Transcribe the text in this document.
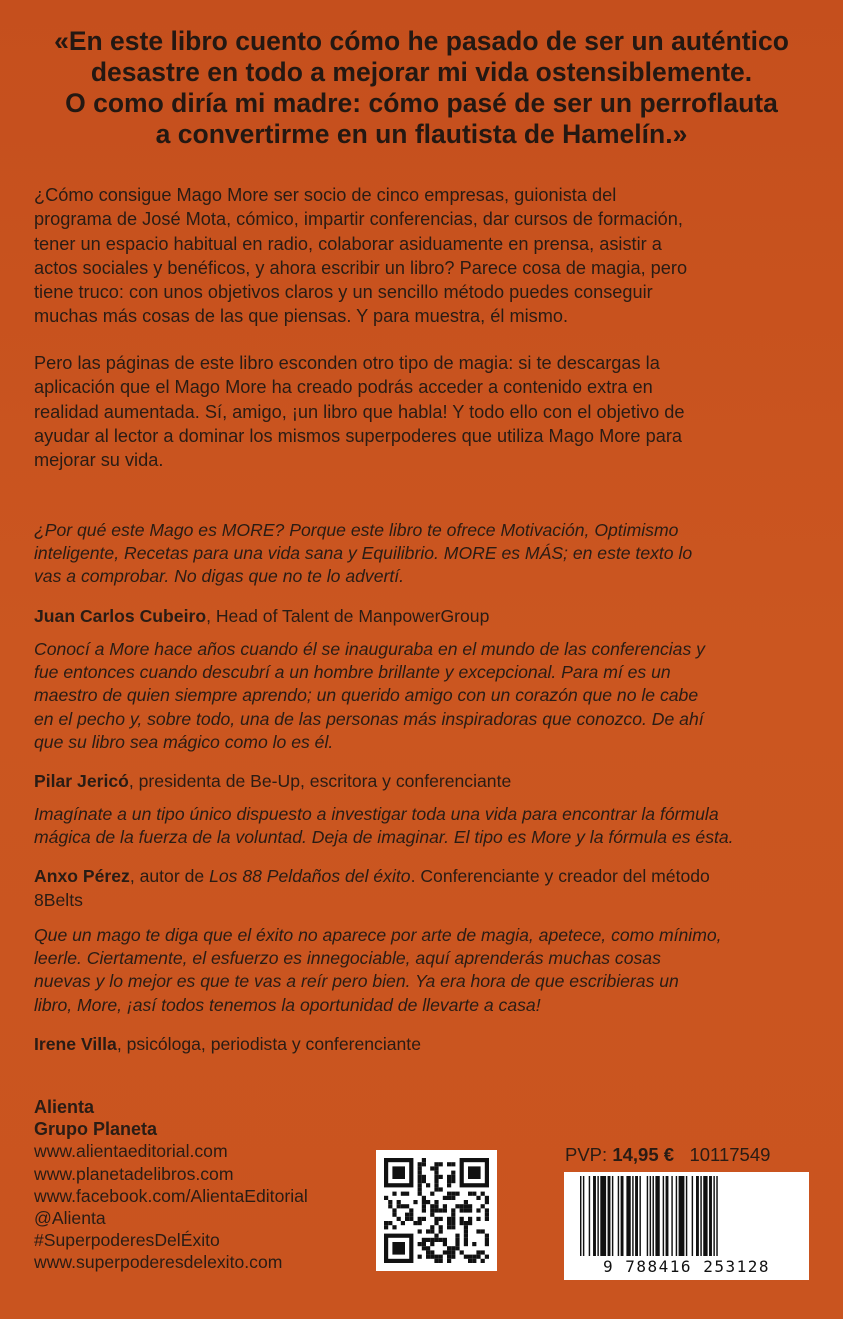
«En este libro cuento cómo he pasado de ser un auténtico
desastre en todo a mejorar mi vida ostensiblemente.
O como diría mi madre: cómo pasé de ser un perroflauta
a convertirme en un flautista de Hamelín.»
¿Cómo consigue Mago More ser socio de cinco empresas, guionista del
programa de José Mota, cómico, impartir conferencias, dar cursos de formación,
tener un espacio habitual en radio, colaborar asiduamente en prensa, asistir a
actos sociales y benéficos, y ahora escribir un libro? Parece cosa de magia, pero
tiene truco: con unos objetivos claros y un sencillo método puedes conseguir
muchas más cosas de las que piensas. Y para muestra, él mismo.
Pero las páginas de este libro esconden otro tipo de magia: si te descargas la
aplicación que el Mago More ha creado podrás acceder a contenido extra en
realidad aumentada. Sí, amigo, ¡un libro que habla! Y todo ello con el objetivo de
ayudar al lector a dominar los mismos superpoderes que utiliza Mago More para
mejorar su vida.
¿Por qué este Mago es MORE? Porque este libro te ofrece Motivación, Optimismo
inteligente, Recetas para una vida sana y Equilibrio. MORE es MÁS; en este texto lo
vas a comprobar. No digas que no te lo advertí.
Juan Carlos Cubeiro, Head of Talent de ManpowerGroup
Conocí a More hace años cuando él se inauguraba en el mundo de las conferencias y
fue entonces cuando descubrí a un hombre brillante y excepcional. Para mí es un
maestro de quien siempre aprendo; un querido amigo con un corazón que no le cabe
en el pecho y, sobre todo, una de las personas más inspiradoras que conozco. De ahí
que su libro sea mágico como lo es él.
Pilar Jericó, presidenta de Be-Up, escritora y conferenciante
Imagínate a un tipo único dispuesto a investigar toda una vida para encontrar la fórmula
mágica de la fuerza de la voluntad. Deja de imaginar. El tipo es More y la fórmula es ésta.
Anxo Pérez, autor de Los 88 Peldaños del éxito. Conferenciante y creador del método
8Belts
Que un mago te diga que el éxito no aparece por arte de magia, apetece, como mínimo,
leerle. Ciertamente, el esfuerzo es innegociable, aquí aprenderás muchas cosas
nuevas y lo mejor es que te vas a reír pero bien. Ya era hora de que escribieras un
libro, More, ¡así todos tenemos la oportunidad de llevarte a casa!
Irene Villa, psicóloga, periodista y conferenciante
Alienta
Grupo Planeta
www.alientaeditorial.com
www.planetadelibros.com
www.facebook.com/AlientaEditorial
@Alienta
#SuperpoderesDelÉxito
www.superpoderesdelexito.com
PVP: 14,95 € 10117549
9 788416 253128
